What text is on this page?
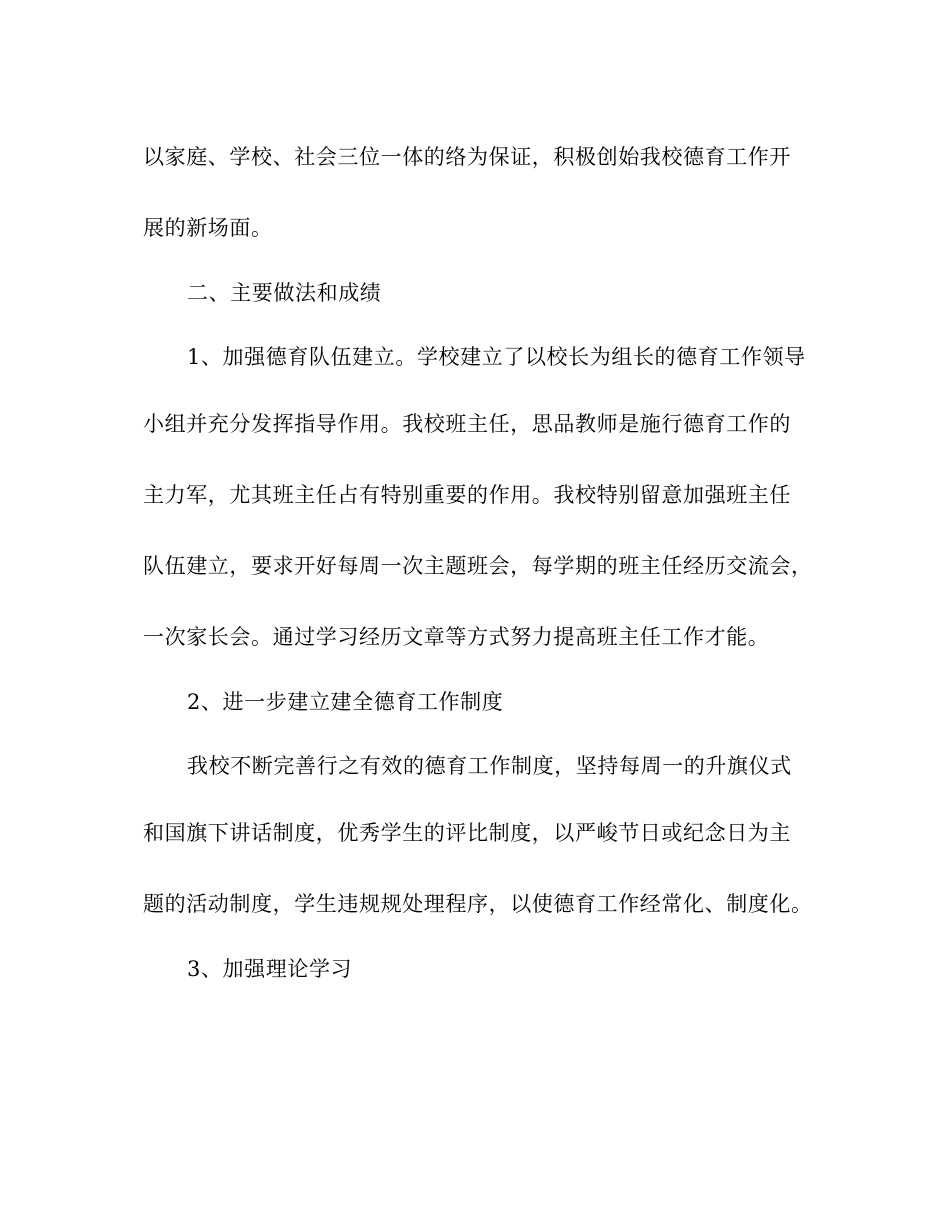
以家庭、学校、社会三位一体的络为保证，积极创始我校德育工作开
展的新场面。
二、主要做法和成绩
1、加强德育队伍建立。学校建立了以校长为组长的德育工作领导
小组并充分发挥指导作用。我校班主任，思品教师是施行德育工作的
主力军，尤其班主任占有特别重要的作用。我校特别留意加强班主任
队伍建立，要求开好每周一次主题班会，每学期的班主任经历交流会，
一次家长会。通过学习经历文章等方式努力提高班主任工作才能。
2、进一步建立建全德育工作制度
我校不断完善行之有效的德育工作制度，坚持每周一的升旗仪式
和国旗下讲话制度，优秀学生的评比制度，以严峻节日或纪念日为主
题的活动制度，学生违规规处理程序，以使德育工作经常化、制度化。
3、加强理论学习
